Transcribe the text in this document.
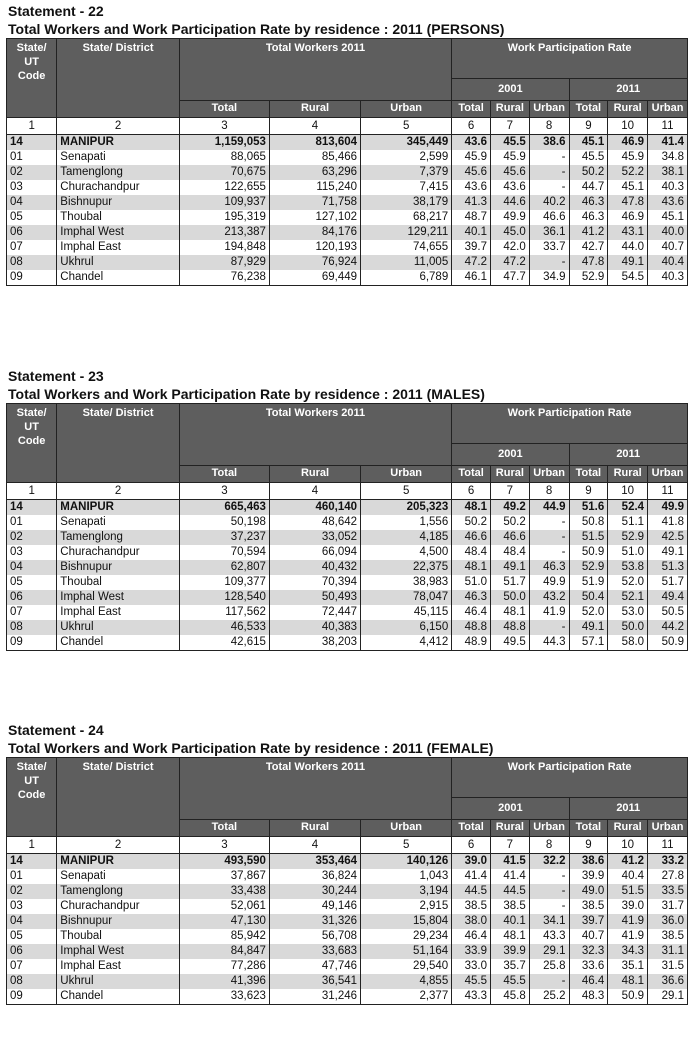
Statement - 22
Total Workers and Work Participation Rate by residence : 2011 (PERSONS)
State/ UT Code	State/ District	Total Workers 2011			Work Participation Rate					
					2001			2011		
		Total	Rural	Urban	Total	Rural	Urban	Total	Rural	Urban
1	2	3	4	5	6	7	8	9	10	11
14	MANIPUR	1,159,053	813,604	345,449	43.6	45.5	38.6	45.1	46.9	41.4
01	Senapati	88,065	85,466	2,599	45.9	45.9	-	45.5	45.9	34.8
02	Tamenglong	70,675	63,296	7,379	45.6	45.6	-	50.2	52.2	38.1
03	Churachandpur	122,655	115,240	7,415	43.6	43.6	-	44.7	45.1	40.3
04	Bishnupur	109,937	71,758	38,179	41.3	44.6	40.2	46.3	47.8	43.6
05	Thoubal	195,319	127,102	68,217	48.7	49.9	46.6	46.3	46.9	45.1
06	Imphal West	213,387	84,176	129,211	40.1	45.0	36.1	41.2	43.1	40.0
07	Imphal East	194,848	120,193	74,655	39.7	42.0	33.7	42.7	44.0	40.7
08	Ukhrul	87,929	76,924	11,005	47.2	47.2	-	47.8	49.1	40.4
09	Chandel	76,238	69,449	6,789	46.1	47.7	34.9	52.9	54.5	40.3
Statement - 23
Total Workers and Work Participation Rate by residence : 2011 (MALES)
State/ UT Code	State/ District	Total Workers 2011			Work Participation Rate					
					2001			2011		
		Total	Rural	Urban	Total	Rural	Urban	Total	Rural	Urban
1	2	3	4	5	6	7	8	9	10	11
14	MANIPUR	665,463	460,140	205,323	48.1	49.2	44.9	51.6	52.4	49.9
01	Senapati	50,198	48,642	1,556	50.2	50.2	-	50.8	51.1	41.8
02	Tamenglong	37,237	33,052	4,185	46.6	46.6	-	51.5	52.9	42.5
03	Churachandpur	70,594	66,094	4,500	48.4	48.4	-	50.9	51.0	49.1
04	Bishnupur	62,807	40,432	22,375	48.1	49.1	46.3	52.9	53.8	51.3
05	Thoubal	109,377	70,394	38,983	51.0	51.7	49.9	51.9	52.0	51.7
06	Imphal West	128,540	50,493	78,047	46.3	50.0	43.2	50.4	52.1	49.4
07	Imphal East	117,562	72,447	45,115	46.4	48.1	41.9	52.0	53.0	50.5
08	Ukhrul	46,533	40,383	6,150	48.8	48.8	-	49.1	50.0	44.2
09	Chandel	42,615	38,203	4,412	48.9	49.5	44.3	57.1	58.0	50.9
Statement - 24
Total Workers and Work Participation Rate by residence : 2011 (FEMALE)
State/ UT Code	State/ District	Total Workers 2011			Work Participation Rate					
					2001			2011		
		Total	Rural	Urban	Total	Rural	Urban	Total	Rural	Urban
1	2	3	4	5	6	7	8	9	10	11
14	MANIPUR	493,590	353,464	140,126	39.0	41.5	32.2	38.6	41.2	33.2
01	Senapati	37,867	36,824	1,043	41.4	41.4	-	39.9	40.4	27.8
02	Tamenglong	33,438	30,244	3,194	44.5	44.5	-	49.0	51.5	33.5
03	Churachandpur	52,061	49,146	2,915	38.5	38.5	-	38.5	39.0	31.7
04	Bishnupur	47,130	31,326	15,804	38.0	40.1	34.1	39.7	41.9	36.0
05	Thoubal	85,942	56,708	29,234	46.4	48.1	43.3	40.7	41.9	38.5
06	Imphal West	84,847	33,683	51,164	33.9	39.9	29.1	32.3	34.3	31.1
07	Imphal East	77,286	47,746	29,540	33.0	35.7	25.8	33.6	35.1	31.5
08	Ukhrul	41,396	36,541	4,855	45.5	45.5	-	46.4	48.1	36.6
09	Chandel	33,623	31,246	2,377	43.3	45.8	25.2	48.3	50.9	29.1
